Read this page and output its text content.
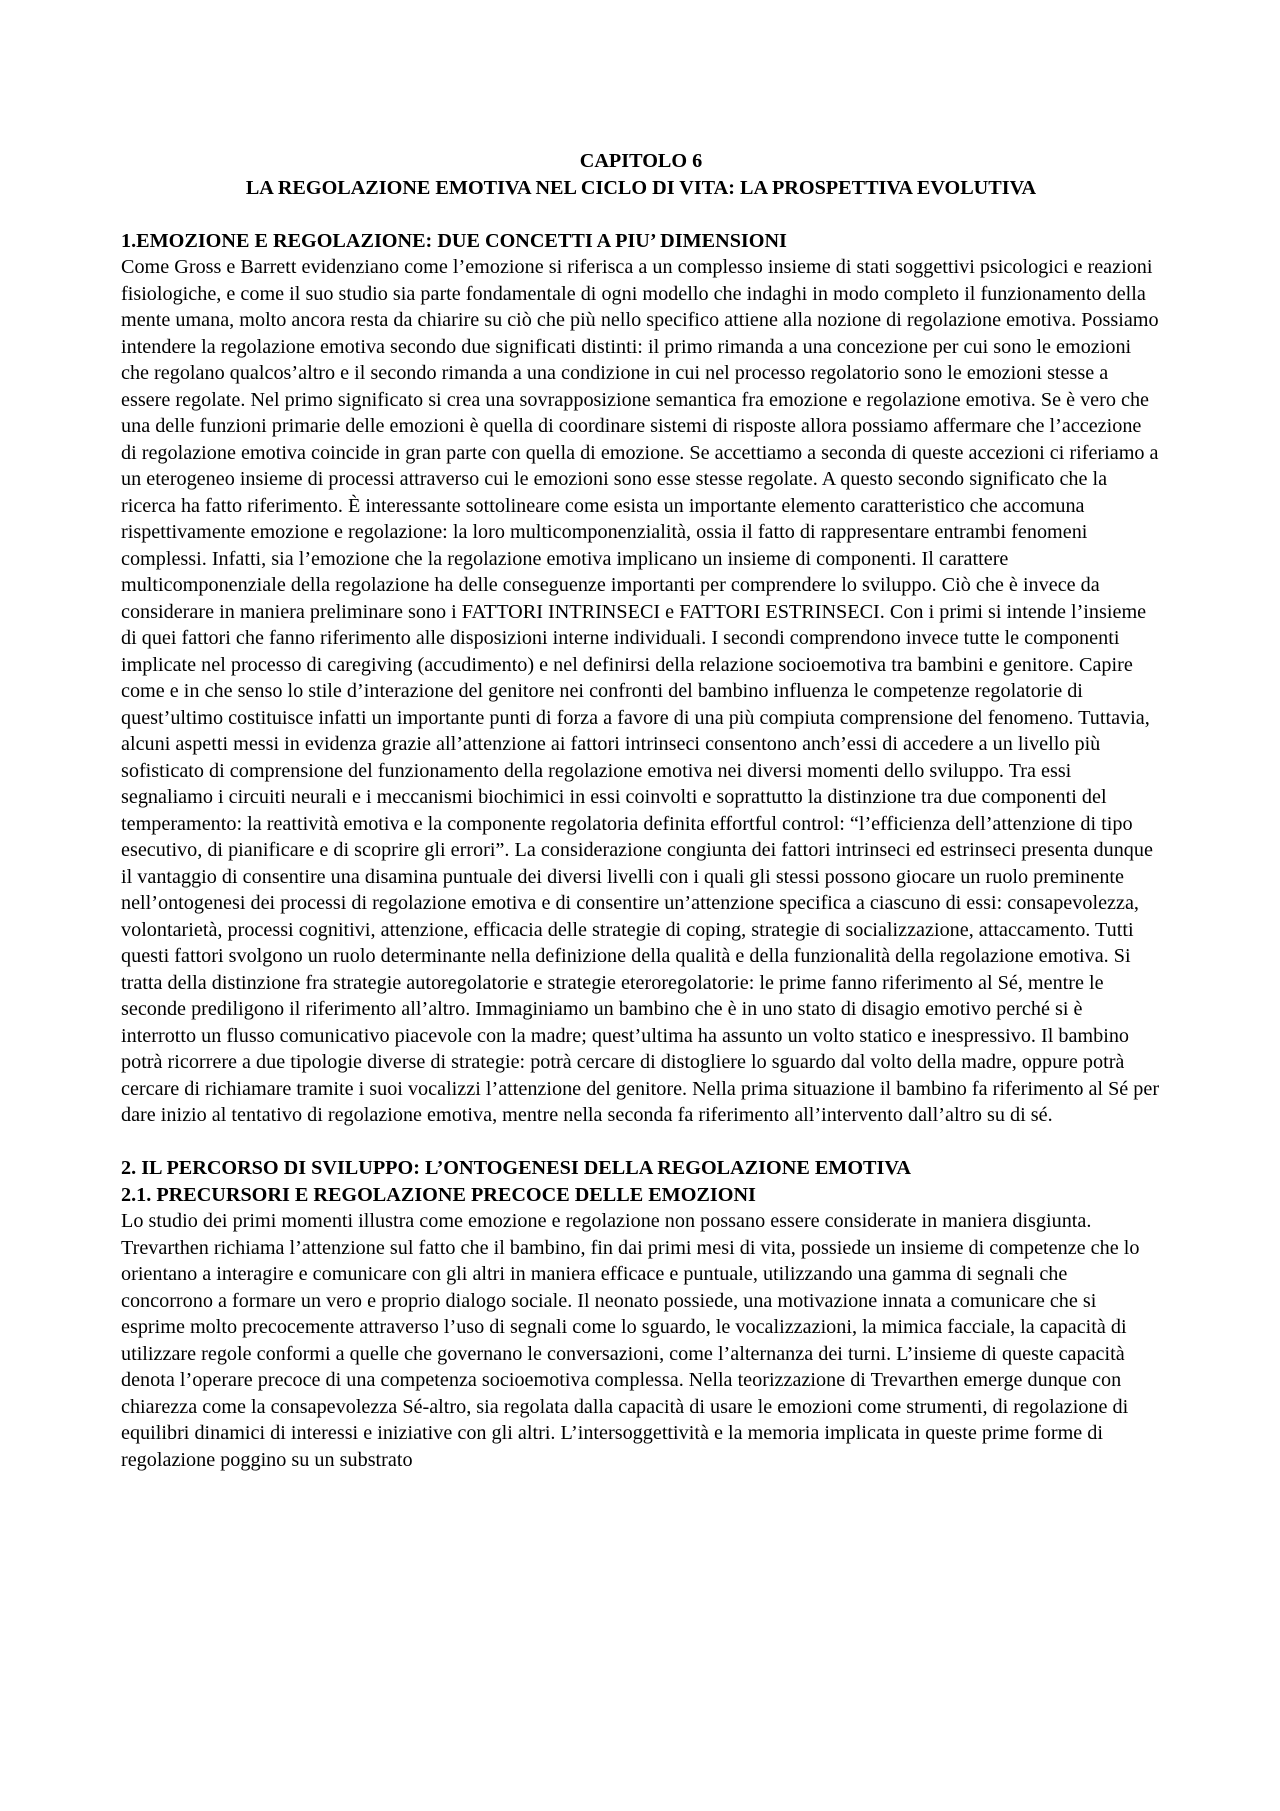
CAPITOLO 6
LA REGOLAZIONE EMOTIVA NEL CICLO DI VITA: LA PROSPETTIVA EVOLUTIVA
1.EMOZIONE E REGOLAZIONE: DUE CONCETTI A PIU’ DIMENSIONI

Come Gross e Barrett evidenziano come l’emozione si riferisca a un complesso insieme di stati soggettivi psicologici e reazioni fisiologiche, e come il suo studio sia parte fondamentale di ogni modello che indaghi in modo completo il funzionamento della mente umana, molto ancora resta da chiarire su ciò che più nello specifico attiene alla nozione di regolazione emotiva. Possiamo intendere la regolazione emotiva secondo due significati distinti: il primo rimanda a una concezione per cui sono le emozioni che regolano qualcos’altro e il secondo rimanda a una condizione in cui nel processo regolatorio sono le emozioni stesse a essere regolate. Nel primo significato si crea una sovrapposizione semantica fra emozione e regolazione emotiva. Se è vero che una delle funzioni primarie delle emozioni è quella di coordinare sistemi di risposte allora possiamo affermare che l’accezione di regolazione emotiva coincide in gran parte con quella di emozione. Se accettiamo a seconda di queste accezioni ci riferiamo a un eterogeneo insieme di processi attraverso cui le emozioni sono esse stesse regolate. A questo secondo significato che la ricerca ha fatto riferimento. È interessante sottolineare come esista un importante elemento caratteristico che accomuna rispettivamente emozione e regolazione: la loro multicomponenzialità, ossia il fatto di rappresentare entrambi fenomeni complessi. Infatti, sia l’emozione che la regolazione emotiva implicano un insieme di componenti. Il carattere multicomponenziale della regolazione ha delle conseguenze importanti per comprendere lo sviluppo. Ciò che è invece da considerare in maniera preliminare sono i FATTORI INTRINSECI e FATTORI ESTRINSECI. Con i primi si intende l’insieme di quei fattori che fanno riferimento alle disposizioni interne individuali. I secondi comprendono invece tutte le componenti implicate nel processo di caregiving (accudimento) e nel definirsi della relazione socioemotiva tra bambini e genitore. Capire come e in che senso lo stile d’interazione del genitore nei confronti del bambino influenza le competenze regolatorie di quest’ultimo costituisce infatti un importante punti di forza a favore di una più compiuta comprensione del fenomeno. Tuttavia, alcuni aspetti messi in evidenza grazie all’attenzione ai fattori intrinseci consentono anch’essi di accedere a un livello più sofisticato di comprensione del funzionamento della regolazione emotiva nei diversi momenti dello sviluppo. Tra essi segnaliamo i circuiti neurali e i meccanismi biochimici in essi coinvolti e soprattutto la distinzione tra due componenti del temperamento: la reattività emotiva e la componente regolatoria definita effortful control: “l’efficienza dell’attenzione di tipo esecutivo, di pianificare e di scoprire gli errori”. La considerazione congiunta dei fattori intrinseci ed estrinseci presenta dunque il vantaggio di consentire una disamina puntuale dei diversi livelli con i quali gli stessi possono giocare un ruolo preminente nell’ontogenesi dei processi di regolazione emotiva e di consentire un’attenzione specifica a ciascuno di essi: consapevolezza, volontarietà, processi cognitivi, attenzione, efficacia delle strategie di coping, strategie di socializzazione, attaccamento. Tutti questi fattori svolgono un ruolo determinante nella definizione della qualità e della funzionalità della regolazione emotiva. Si tratta della distinzione fra strategie autoregolatorie e strategie eteroregolatorie: le prime fanno riferimento al Sé, mentre le seconde prediligono il riferimento all’altro. Immaginiamo un bambino che è in uno stato di disagio emotivo perché si è interrotto un flusso comunicativo piacevole con la madre; quest’ultima ha assunto un volto statico e inespressivo. Il bambino potrà ricorrere a due tipologie diverse di strategie: potrà cercare di distogliere lo sguardo dal volto della madre, oppure potrà cercare di richiamare tramite i suoi vocalizzi l’attenzione del genitore. Nella prima situazione il bambino fa riferimento al Sé per dare inizio al tentativo di regolazione emotiva, mentre nella seconda fa riferimento all’intervento dall’altro su di sé.

2. IL PERCORSO DI SVILUPPO: L’ONTOGENESI DELLA REGOLAZIONE EMOTIVA
2.1. PRECURSORI E REGOLAZIONE PRECOCE DELLE EMOZIONI

Lo studio dei primi momenti illustra come emozione e regolazione non possano essere considerate in maniera disgiunta. Trevarthen richiama l’attenzione sul fatto che il bambino, fin dai primi mesi di vita, possiede un insieme di competenze che lo orientano a interagire e comunicare con gli altri in maniera efficace e puntuale, utilizzando una gamma di segnali che concorrono a formare un vero e proprio dialogo sociale. Il neonato possiede, una motivazione innata a comunicare che si esprime molto precocemente attraverso l’uso di segnali come lo sguardo, le vocalizzazioni, la mimica facciale, la capacità di utilizzare regole conformi a quelle che governano le conversazioni, come l’alternanza dei turni. L’insieme di queste capacità denota l’operare precoce di una competenza socioemotiva complessa. Nella teorizzazione di Trevarthen emerge dunque con chiarezza come la consapevolezza Sé-altro, sia regolata dalla capacità di usare le emozioni come strumenti, di regolazione di equilibri dinamici di interessi e iniziative con gli altri. L’intersoggettività e la memoria implicata in queste prime forme di regolazione poggino su un substrato
